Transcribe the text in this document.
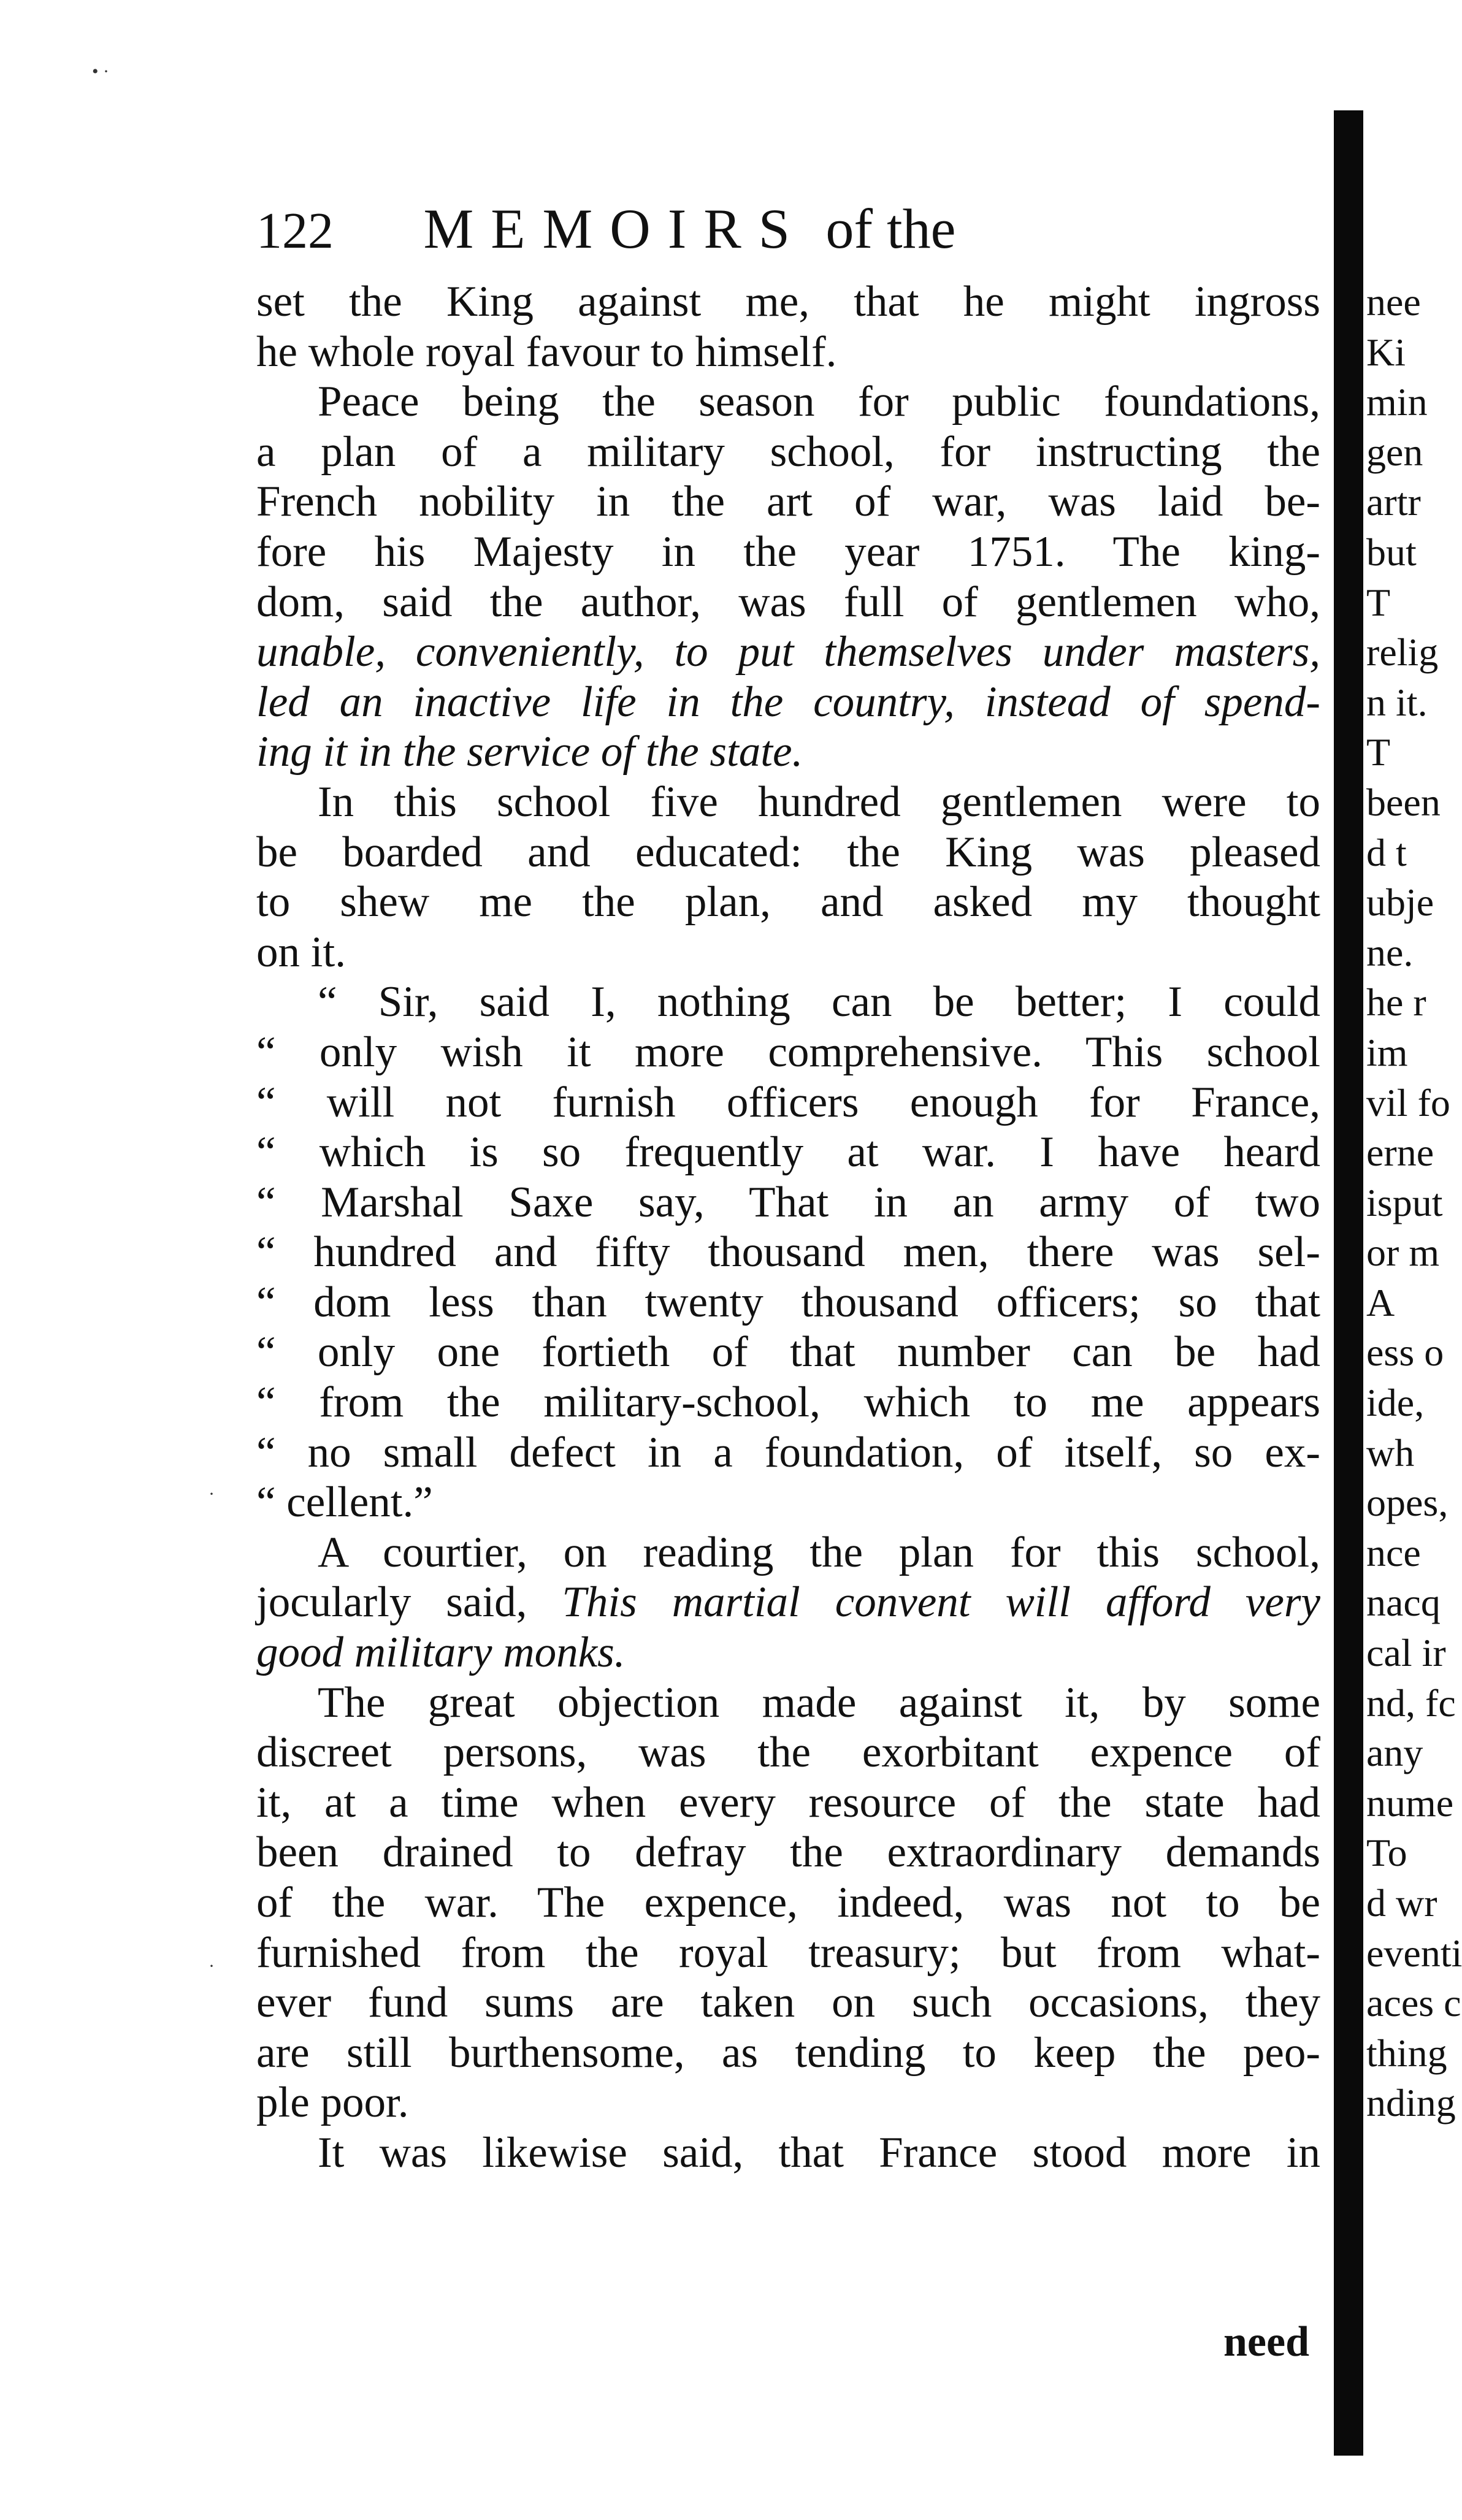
122 MEMOIRS of the
set the King against me, that he might ingross
he whole royal favour to himself.
Peace being the season for public foundations,
a plan of a military school, for instructing the
French nobility in the art of war, was laid be-
fore his Majesty in the year 1751. The king-
dom, said the author, was full of gentlemen who,
unable, conveniently, to put themselves under masters,
led an inactive life in the country, instead of spend-
ing it in the service of the state.
In this school five hundred gentlemen were to
be boarded and educated: the King was pleased
to shew me the plan, and asked my thought
on it.
“ Sir, said I, nothing can be better; I could
“ only wish it more comprehensive. This school
“ will not furnish officers enough for France,
“ which is so frequently at war. I have heard
“ Marshal Saxe say, That in an army of two
“ hundred and fifty thousand men, there was sel-
“ dom less than twenty thousand officers; so that
“ only one fortieth of that number can be had
“ from the military-school, which to me appears
“ no small defect in a foundation, of itself, so ex-
“ cellent.”
A courtier, on reading the plan for this school,
jocularly said, This martial convent will afford very
good military monks.
The great objection made against it, by some
discreet persons, was the exorbitant expence of
it, at a time when every resource of the state had
been drained to defray the extraordinary demands
of the war. The expence, indeed, was not to be
furnished from the royal treasury; but from what-
ever fund sums are taken on such occasions, they
are still burthensome, as tending to keep the peo-
ple poor.
It was likewise said, that France stood more in
need
nee
Ki
min
gen
artr
but
T
relig
n it.
T
been
d t
ubje
ne.
he r
im
vil fo
erne
isput
or m
A
ess o
ide,
wh
opes,
nce
nacq
cal ir
nd, fc
any
nume
To
d wr
eventi
aces c
thing
nding
• ·
·
·
